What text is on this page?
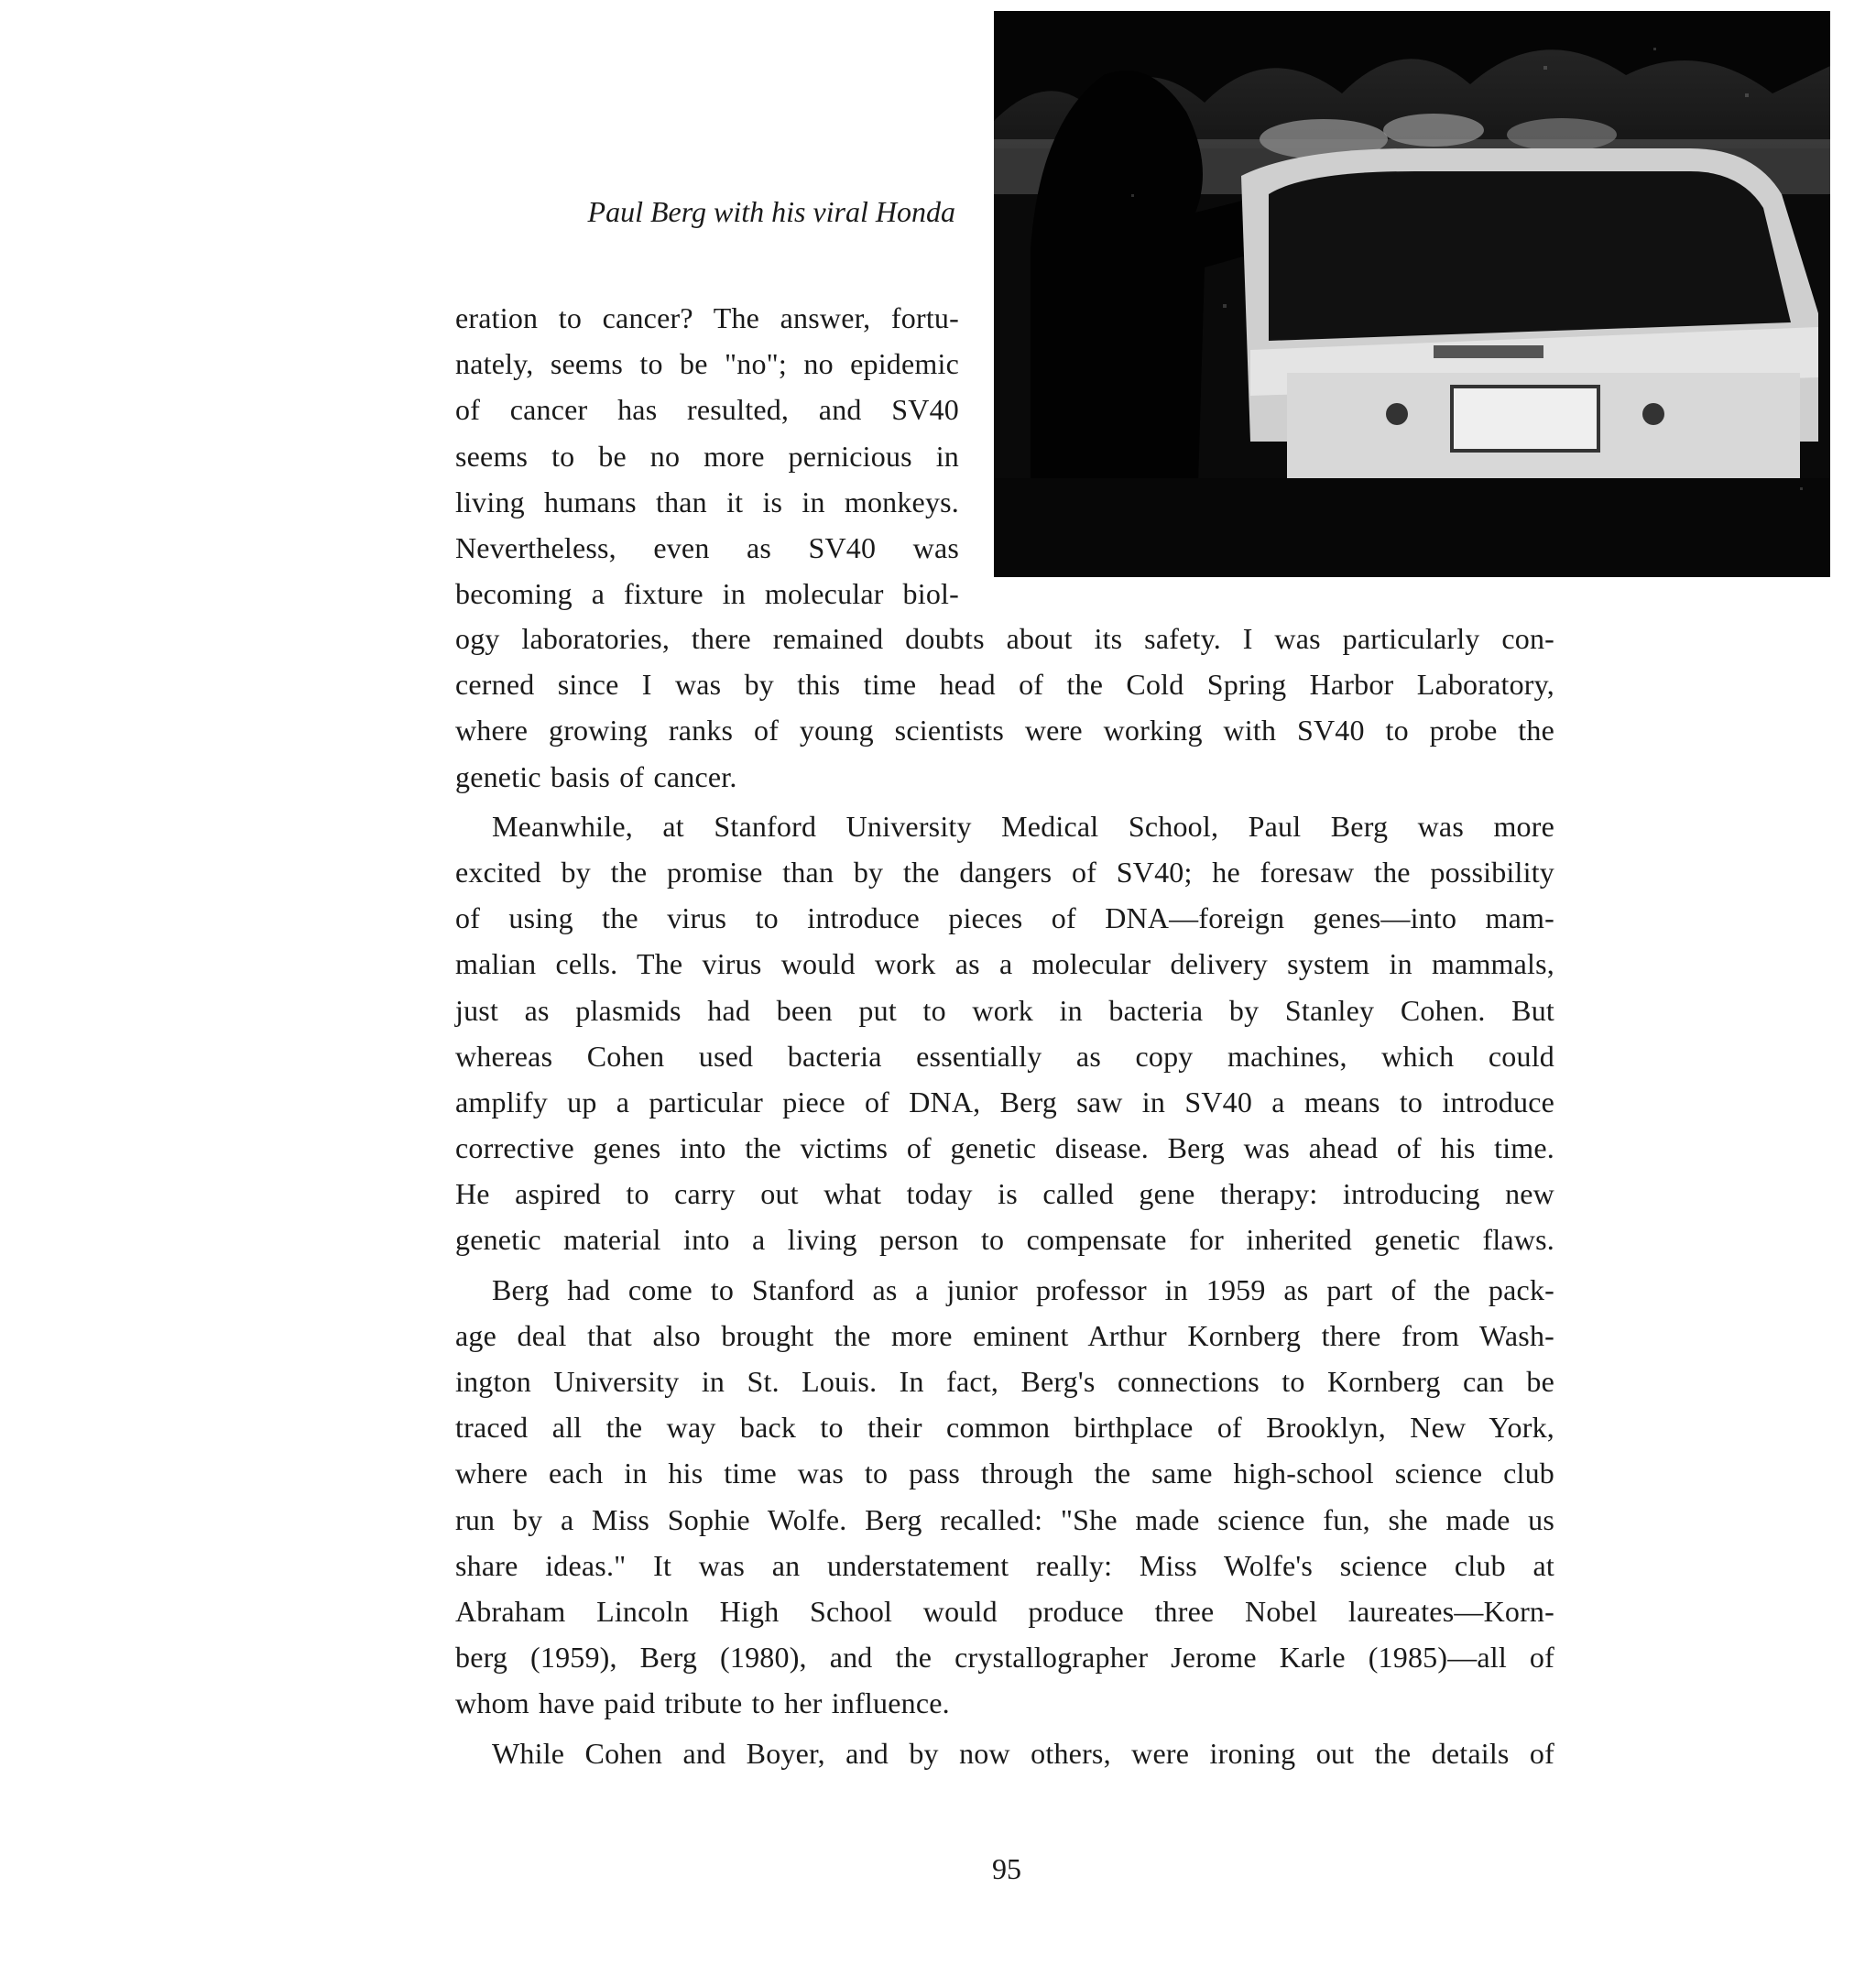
Paul Berg with his viral Honda
eration to cancer? The answer, fortu-
nately, seems to be "no"; no epidemic
of cancer has resulted, and SV40
seems to be no more pernicious in
living humans than it is in monkeys.
Nevertheless, even as SV40 was
becoming a fixture in molecular biol-
ogy laboratories, there remained doubts about its safety. I was particularly con-
cerned since I was by this time head of the Cold Spring Harbor Laboratory,
where growing ranks of young scientists were working with SV40 to probe the
genetic basis of cancer.
Meanwhile, at Stanford University Medical School, Paul Berg was more
excited by the promise than by the dangers of SV40; he foresaw the possibility
of using the virus to introduce pieces of DNA—foreign genes—into mam-
malian cells. The virus would work as a molecular delivery system in mammals,
just as plasmids had been put to work in bacteria by Stanley Cohen. But
whereas Cohen used bacteria essentially as copy machines, which could
amplify up a particular piece of DNA, Berg saw in SV40 a means to introduce
corrective genes into the victims of genetic disease. Berg was ahead of his time.
He aspired to carry out what today is called gene therapy: introducing new
genetic material into a living person to compensate for inherited genetic flaws.
Berg had come to Stanford as a junior professor in 1959 as part of the pack-
age deal that also brought the more eminent Arthur Kornberg there from Wash-
ington University in St. Louis. In fact, Berg's connections to Kornberg can be
traced all the way back to their common birthplace of Brooklyn, New York,
where each in his time was to pass through the same high-school science club
run by a Miss Sophie Wolfe. Berg recalled: "She made science fun, she made us
share ideas." It was an understatement really: Miss Wolfe's science club at
Abraham Lincoln High School would produce three Nobel laureates—Korn-
berg (1959), Berg (1980), and the crystallographer Jerome Karle (1985)—all of
whom have paid tribute to her influence.
While Cohen and Boyer, and by now others, were ironing out the details of
95
